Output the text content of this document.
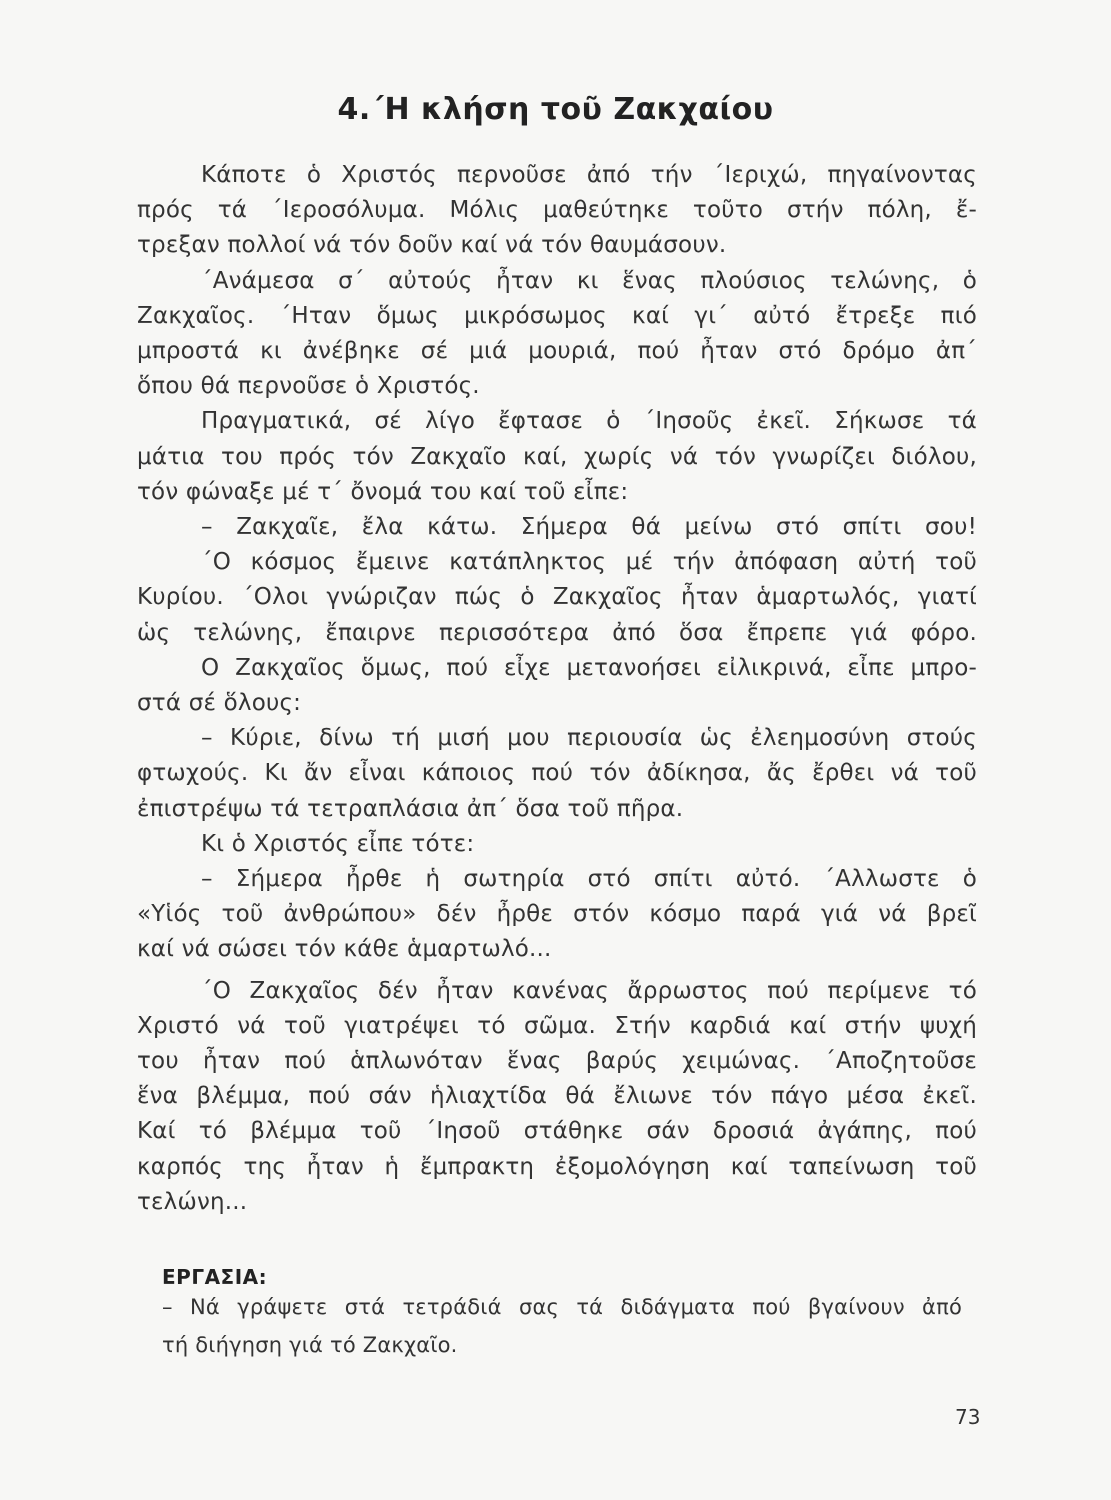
4.΄Η κλήση τοῦ Ζακχαίου
Κάποτε ὁ Χριστός περνοῦσε ἀπό τήν ΄Ιεριχώ, πηγαίνοντας
πρός τά ΄Ιεροσόλυμα. Μόλις μαθεύτηκε τοῦτο στήν πόλη, ἔ-
τρεξαν πολλοί νά τόν δοῦν καί νά τόν θαυμάσουν.
΄Ανάμεσα σ΄ αὐτούς ἦταν κι ἕνας πλούσιος τελώνης, ὁ
Ζακχαῖος. ΄Ηταν ὅμως μικρόσωμος καί γι΄ αὐτό ἔτρεξε πιό
μπροστά κι ἀνέβηκε σέ μιά μουριά, πού ἦταν στό δρόμο ἀπ΄
ὅπου θά περνοῦσε ὁ Χριστός.
Πραγματικά, σέ λίγο ἔφτασε ὁ ΄Ιησοῦς ἐκεῖ. Σήκωσε τά
μάτια του πρός τόν Ζακχαῖο καί, χωρίς νά τόν γνωρίζει διόλου,
τόν φώναξε μέ τ΄ ὄνομά του καί τοῦ εἶπε:
– Ζακχαῖε, ἔλα κάτω. Σήμερα θά μείνω στό σπίτι σου!
΄Ο κόσμος ἔμεινε κατάπληκτος μέ τήν ἀπόφαση αὐτή τοῦ
Κυρίου. ΄Ολοι γνώριζαν πώς ὁ Ζακχαῖος ἦταν ἁμαρτωλός, γιατί
ὡς τελώνης, ἔπαιρνε περισσότερα ἀπό ὅσα ἔπρεπε γιά φόρο.
Ο Ζακχαῖος ὅμως, πού εἶχε μετανοήσει εἰλικρινά, εἶπε μπρο-
στά σέ ὅλους:
– Κύριε, δίνω τή μισή μου περιουσία ὡς ἐλεημοσύνη στούς
φτωχούς. Κι ἄν εἶναι κάποιος πού τόν ἀδίκησα, ἄς ἔρθει νά τοῦ
ἐπιστρέψω τά τετραπλάσια ἀπ΄ ὅσα τοῦ πῆρα.
Κι ὁ Χριστός εἶπε τότε:
– Σήμερα ἦρθε ἡ σωτηρία στό σπίτι αὐτό. ΄Αλλωστε ὁ
«Υἱός τοῦ ἀνθρώπου» δέν ἦρθε στόν κόσμο παρά γιά νά βρεῖ
καί νά σώσει τόν κάθε ἁμαρτωλό...
΄Ο Ζακχαῖος δέν ἦταν κανένας ἄρρωστος πού περίμενε τό
Χριστό νά τοῦ γιατρέψει τό σῶμα. Στήν καρδιά καί στήν ψυχή
του ἦταν πού ἁπλωνόταν ἕνας βαρύς χειμώνας. ΄Αποζητοῦσε
ἕνα βλέμμα, πού σάν ἡλιαχτίδα θά ἔλιωνε τόν πάγο μέσα ἐκεῖ.
Καί τό βλέμμα τοῦ ΄Ιησοῦ στάθηκε σάν δροσιά ἀγάπης, πού
καρπός της ἦταν ἡ ἔμπρακτη ἐξομολόγηση καί ταπείνωση τοῦ
τελώνη...
ΕΡΓΑΣΙΑ:
– Νά γράψετε στά τετράδιά σας τά διδάγματα πού βγαίνουν ἀπό
τή διήγηση γιά τό Ζακχαῖο.
73
